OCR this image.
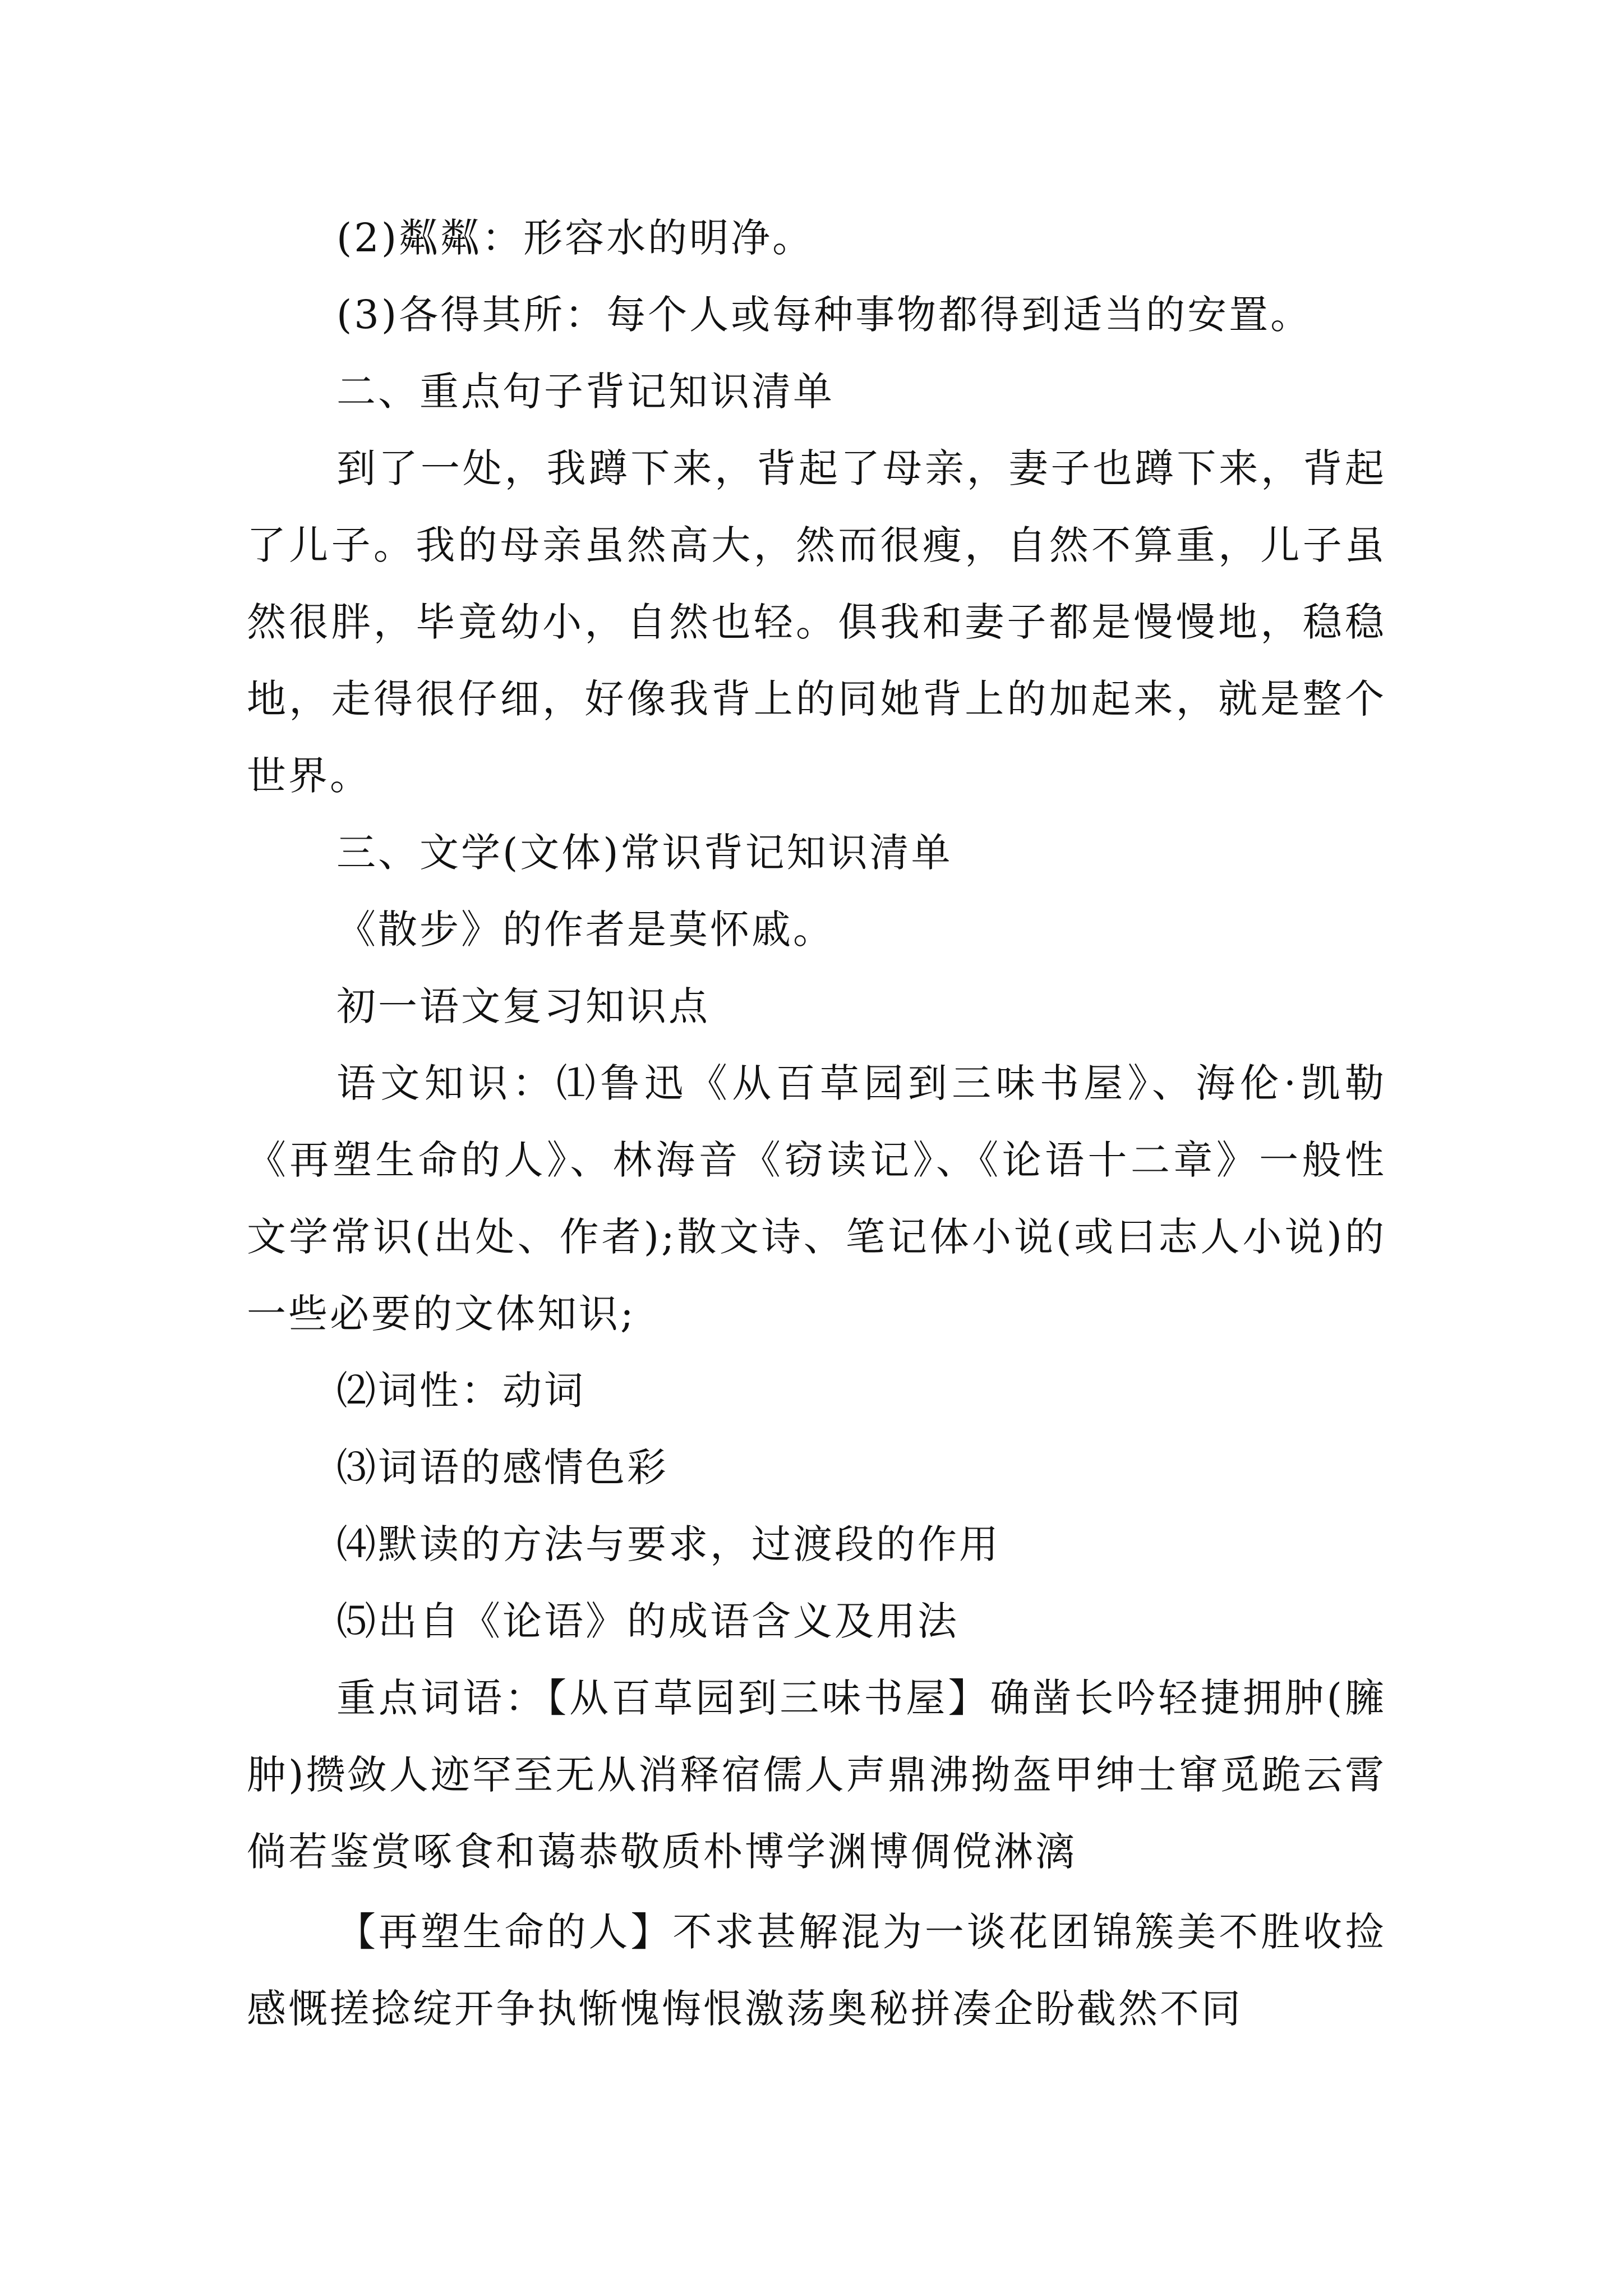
(2)粼粼：形容水的明净。

(3)各得其所：每个人或每种事物都得到适当的安置。

二、重点句子背记知识清单

到了一处，我蹲下来，背起了母亲，妻子也蹲下来，背起了儿子。我的母亲虽然高大，然而很瘦，自然不算重，儿子虽然很胖，毕竟幼小，自然也轻。俱我和妻子都是慢慢地，稳稳地，走得很仔细，好像我背上的同她背上的加起来，就是整个世界。

三、文学(文体)常识背记知识清单

《散步》的作者是莫怀戚。

初一语文复习知识点

语文知识：⑴鲁迅《从百草园到三味书屋》、海伦·凯勒《再塑生命的人》、林海音《窃读记》、《论语十二章》一般性文学常识(出处、作者);散文诗、笔记体小说(或曰志人小说)的一些必要的文体知识;

⑵词性：动词

⑶词语的感情色彩

⑷默读的方法与要求，过渡段的作用

⑸出自《论语》的成语含义及用法

重点词语：【从百草园到三味书屋】确凿长吟轻捷拥肿(臃肿)攒敛人迹罕至无从消释宿儒人声鼎沸拗盔甲绅士窜觅跪云霄倘若鉴赏啄食和蔼恭敬质朴博学渊博倜傥淋漓

【再塑生命的人】不求甚解混为一谈花团锦簇美不胜收捡感慨搓捻绽开争执惭愧悔恨激荡奥秘拼凑企盼截然不同
